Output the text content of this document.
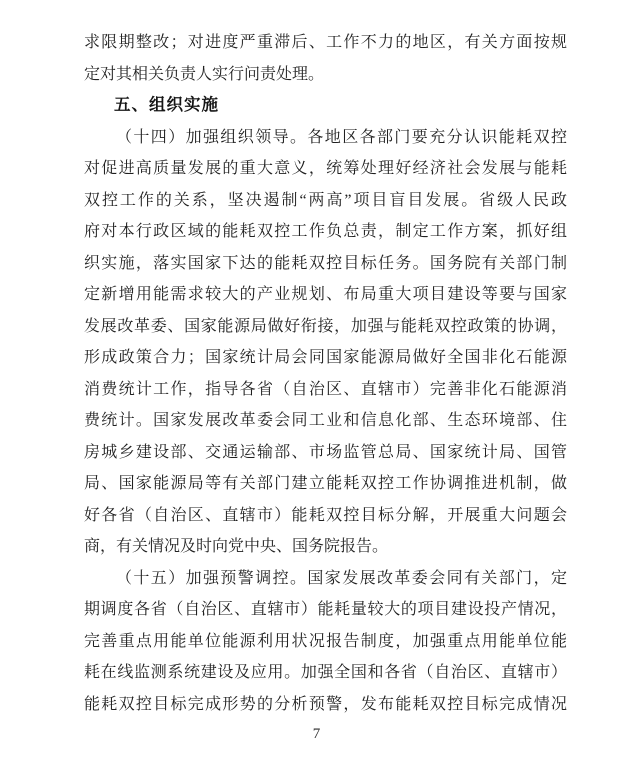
求限期整改；对进度严重滞后、工作不力的地区，有关方面按规
定对其相关负责人实行问责处理。
五、组织实施
（十四）加强组织领导。各地区各部门要充分认识能耗双控
对促进高质量发展的重大意义，统筹处理好经济社会发展与能耗
双控工作的关系，坚决遏制“两高”项目盲目发展。省级人民政
府对本行政区域的能耗双控工作负总责，制定工作方案，抓好组
织实施，落实国家下达的能耗双控目标任务。国务院有关部门制
定新增用能需求较大的产业规划、布局重大项目建设等要与国家
发展改革委、国家能源局做好衔接，加强与能耗双控政策的协调，
形成政策合力；国家统计局会同国家能源局做好全国非化石能源
消费统计工作，指导各省（自治区、直辖市）完善非化石能源消
费统计。国家发展改革委会同工业和信息化部、生态环境部、住
房城乡建设部、交通运输部、市场监管总局、国家统计局、国管
局、国家能源局等有关部门建立能耗双控工作协调推进机制，做
好各省（自治区、直辖市）能耗双控目标分解，开展重大问题会
商，有关情况及时向党中央、国务院报告。
（十五）加强预警调控。国家发展改革委会同有关部门，定
期调度各省（自治区、直辖市）能耗量较大的项目建设投产情况，
完善重点用能单位能源利用状况报告制度，加强重点用能单位能
耗在线监测系统建设及应用。加强全国和各省（自治区、直辖市）
能耗双控目标完成形势的分析预警，发布能耗双控目标完成情况
7
